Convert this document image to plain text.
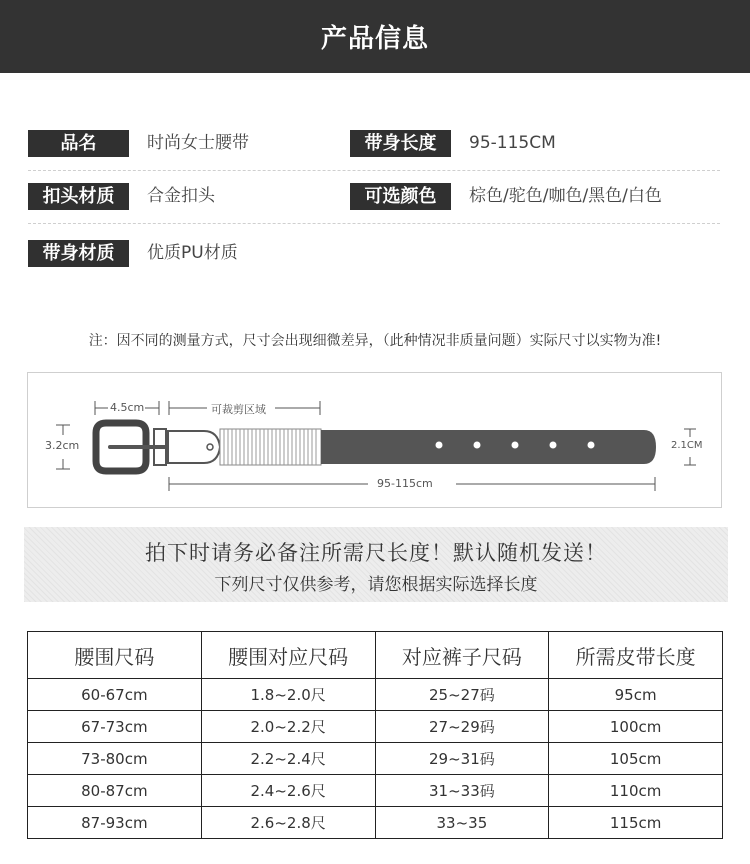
产品信息
品名	时尚女士腰带	带身长度	95-115CM
扣头材质	合金扣头	可选颜色	棕色/驼色/咖色/黑色/白色
带身材质	优质PU材质
注：因不同的测量方式，尺寸会出现细微差异，（此种情况非质量问题）实际尺寸以实物为准!
4.5cm	可裁剪区域
3.2cm	2.1CM
95-115cm
拍下时请务必备注所需尺长度！默认随机发送！
下列尺寸仅供参考，请您根据实际选择长度
腰围尺码	腰围对应尺码	对应裤子尺码	所需皮带长度
60-67cm	1.8~2.0尺	25~27码	95cm
67-73cm	2.0~2.2尺	27~29码	100cm
73-80cm	2.2~2.4尺	29~31码	105cm
80-87cm	2.4~2.6尺	31~33码	110cm
87-93cm	2.6~2.8尺	33~35	115cm
